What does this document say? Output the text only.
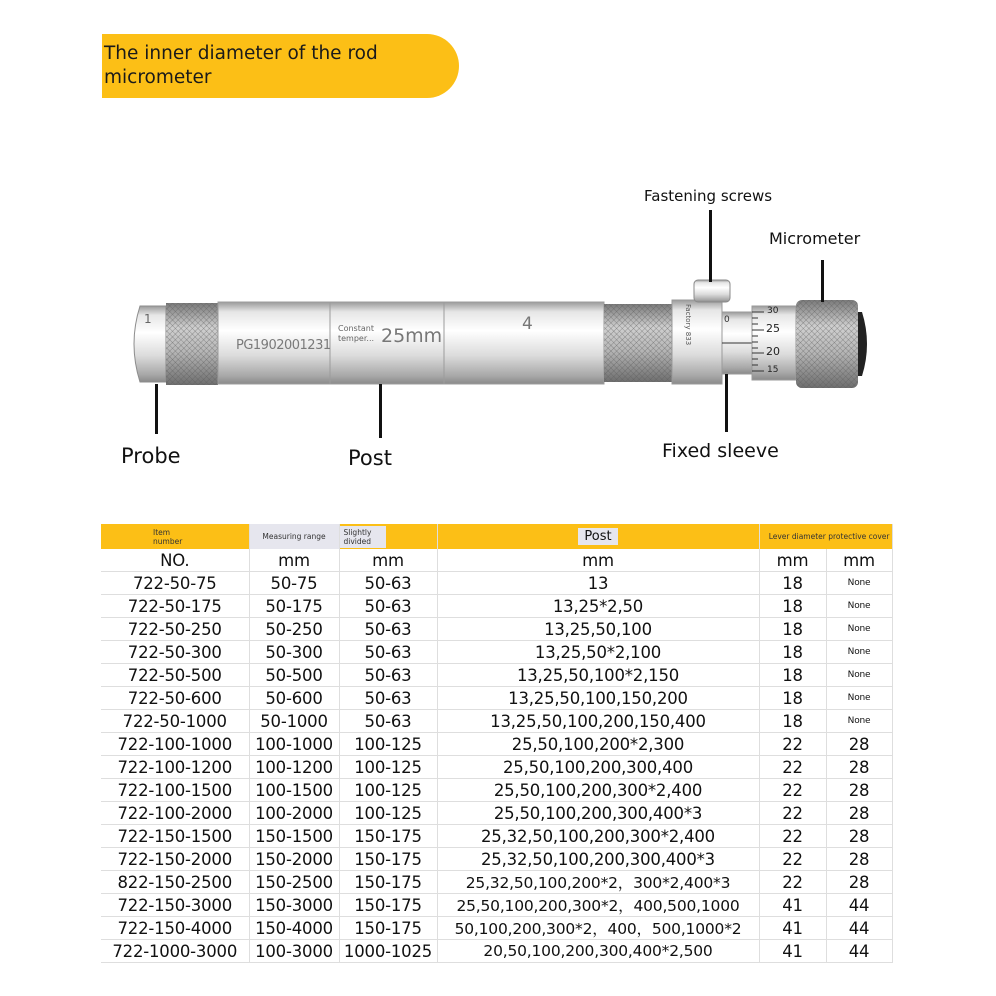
The inner diameter of the rod micrometer
1
PG1902001231
Constant temper... 25mm
4	Factory 833	0
30
25
20
15
Fastening screws
Micrometer
Probe	Post	Fixed sleeve
Item number	Measuring range	Slightly divided	Post	Lever diameter protective cover	
NO.	mm	mm	mm	mm	mm
722-50-75	50-75	50-63	13	18	None
722-50-175	50-175	50-63	13,25*2,50	18	None
722-50-250	50-250	50-63	13,25,50,100	18	None
722-50-300	50-300	50-63	13,25,50*2,100	18	None
722-50-500	50-500	50-63	13,25,50,100*2,150	18	None
722-50-600	50-600	50-63	13,25,50,100,150,200	18	None
722-50-1000	50-1000	50-63	13,25,50,100,200,150,400	18	None
722-100-1000	100-1000	100-125	25,50,100,200*2,300	22	28
722-100-1200	100-1200	100-125	25,50,100,200,300,400	22	28
722-100-1500	100-1500	100-125	25,50,100,200,300*2,400	22	28
722-100-2000	100-2000	100-125	25,50,100,200,300,400*3	22	28
722-150-1500	150-1500	150-175	25,32,50,100,200,300*2,400	22	28
722-150-2000	150-2000	150-175	25,32,50,100,200,300,400*3	22	28
822-150-2500	150-2500	150-175	25,32,50,100,200*2，300*2,400*3	22	28
722-150-3000	150-3000	150-175	25,50,100,200,300*2，400,500,1000	41	44
722-150-4000	150-4000	150-175	50,100,200,300*2，400，500,1000*2	41	44
722-1000-3000	100-3000	1000-1025	20,50,100,200,300,400*2,500	41	44
